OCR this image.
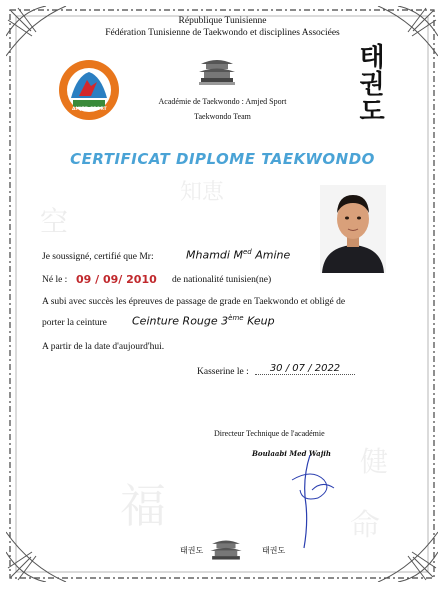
空
福
知恵
健
命
République Tunisienne
Fédération Tunisienne de Taekwondo et disciplines Associées
AMJED SPORT
Académie de Taekwondo : Amjed Sport
Taekwondo Team
태권도
CERTIFICAT DIPLOME TAEKWONDO
Je soussigné, certifié que Mr:	Mhamdi $M^{ed}$ Amine
Né le : 09 / 09/ 2010 de nationalité tunisien(ne)
A subi avec succès les épreuves de passage de grade en Taekwondo et obligé de
porter la ceinture Ceinture Rouge 3ème Keup
A partir de la date d'aujourd'hui.
Kasserine le :	30 / 07 / 2022
Directeur Technique de l'académie
Boulaabi Med Wajih
태권도	태권도
